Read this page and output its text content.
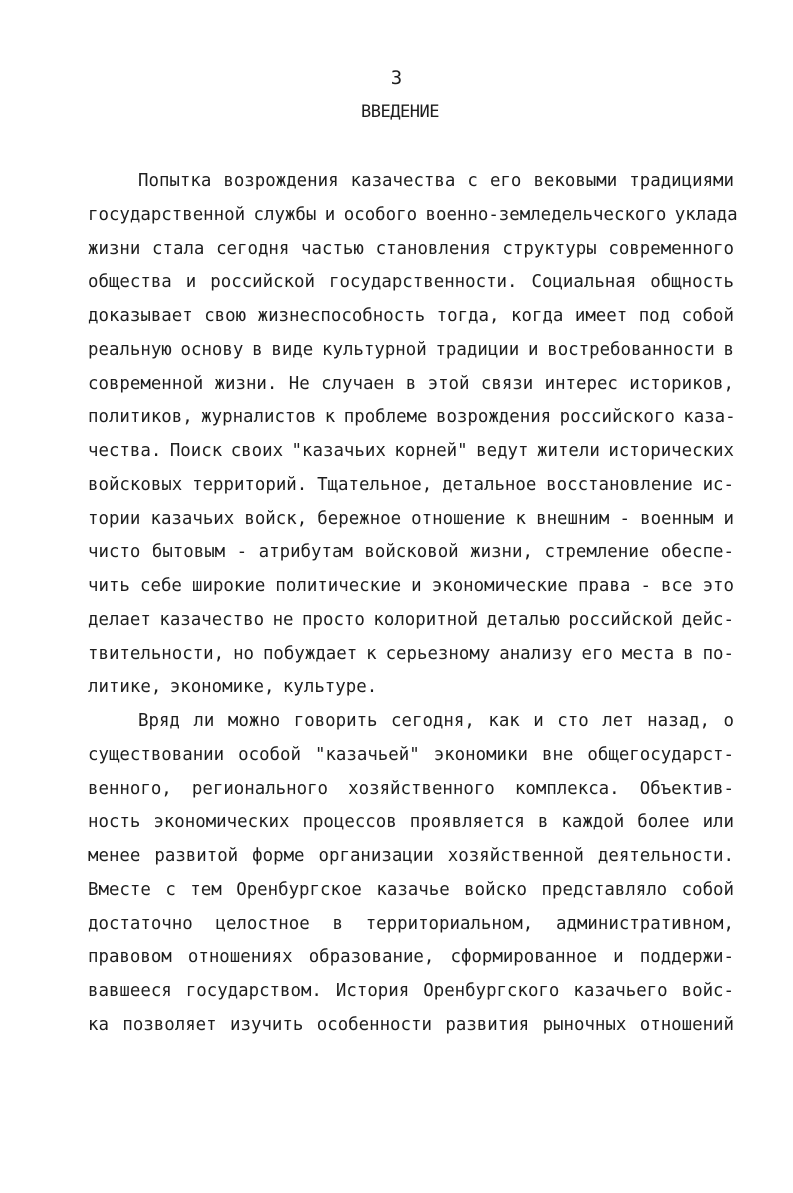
3
ВВЕДЕНИЕ
Попытка возрождения казачества с его вековыми традициями
государственной службы и особого военно-земледельческого уклада
жизни стала сегодня частью становления структуры современного
общества и российской государственности. Социальная общность
доказывает свою жизнеспособность тогда, когда имеет под собой
реальную основу в виде культурной традиции и востребованности в
современной жизни. Не случаен в этой связи интерес историков,
политиков, журналистов к проблеме возрождения российского каза-
чества. Поиск своих "казачьих корней" ведут жители исторических
войсковых территорий. Тщательное, детальное восстановление ис-
тории казачьих войск, бережное отношение к внешним - военным и
чисто бытовым - атрибутам войсковой жизни, стремление обеспе-
чить себе широкие политические и экономические права - все это
делает казачество не просто колоритной деталью российской дейс-
твительности, но побуждает к серьезному анализу его места в по-
литике, экономике, культуре.
Вряд ли можно говорить сегодня, как и сто лет назад, о
существовании особой "казачьей" экономики вне общегосударст-
венного, регионального хозяйственного комплекса. Объектив-
ность экономических процессов проявляется в каждой более или
менее развитой форме организации хозяйственной деятельности.
Вместе с тем Оренбургское казачье войско представляло собой
достаточно целостное в территориальном, административном,
правовом отношениях образование, сформированное и поддержи-
вавшееся государством. История Оренбургского казачьего войс-
ка позволяет изучить особенности развития рыночных отношений
